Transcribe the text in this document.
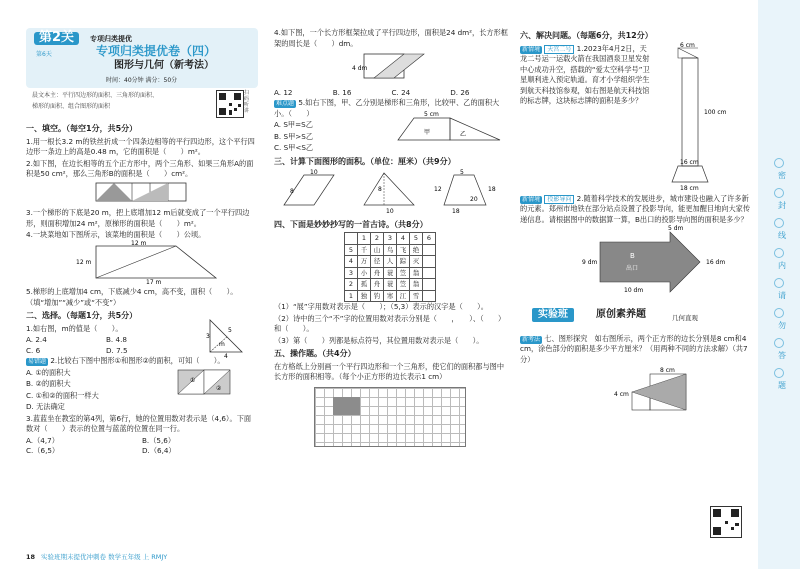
第2关
第6天
专项归类提优
专项归类提优卷（四）
图形与几何（新考法）
时间：40分钟 满分：50分
晨文本主：平行四边形的面积、三角形的面积、
梯形的面积、组合图形的面积
扫码听讲
一、填空。（每空1分，共5分）
1.用一根长3.2 m的铁丝折成一个四条边相等的平行四边形，这个平行四边形一条边上的高是0.48 m，它的面积是（　　）m²。
2.如下图，在边长相等的五个正方形中，两个三角形、如果三角形A的面积是50 cm²，那么三角形B的面积是（　　）cm²。
3.一个梯形的下底是20 m，把上底增加12 m后就变成了一个平行四边形，则面积增加24 m²，原梯形的面积是（　　）m²。
4.一块菜地如下图所示，该菜地的面积是（　　）公顷。
12 m
12 m
17 m
5.梯形的上底增加4 cm，下底减少4 cm，高不变，面积（　　）。（填“增加”“减少”或“不变”）
二、选择。（每题1分，共5分）
1.如右图，m的值是（　　）。
A. 2.4	B. 4.8
C. 6	D. 7.5
5
3
4
m
易错题 2.比较右下图中图形①和图形②的面积，可知（　　）。
A. ①的面积大
B. ②的面积大
C. ①和②的面积一样大
D. 无法确定
①
②
3.蓝蓝坐在教室的第4列，第6行，她的位置用数对表示是（4,6）。下面数对（　　）表示的位置与蓝蓝的位置在同一行。
A.（4,7）	B.（5,6）
C.（6,5）	D.（6,4）
4.如下图，一个长方形框架拉成了平行四边形，面积是24 dm²，长方形框架的周长是（　　）dm。
4 dm
A. 12	B. 16	C. 24	D. 26
难点题 5.如右下图，甲、乙分别是梯形和三角形，比较甲、乙的面积大小。（　　）
A. S甲=S乙
B. S甲>S乙
C. S甲<S乙
5 cm
甲	乙
三、计算下面图形的面积。（单位：厘米）（共9分）
10
8	8
10
5
12
18
18
20
四、下面是妙妙抄写的一首古诗。（共8分）
	1	2	3	4	5	6
5	千	山	鸟	飞	绝	
4	万	径	人	踪	灭	
3	小	舟	蓑	笠	翁	
2	孤	舟	蓑	笠	翁	
1	独	钓	寒	江	雪	
（1）“展”字用数对表示是（　　）；（5,3）表示的汉字是（　　）。
（2）诗中的三个“不”字的位置用数对表示分别是（　　，　　）、（　　）和（　　）。
（3）第（　　）列都是标点符号，其位置用数对表示是（　　）。
五、操作题。（共4分）
在方格纸上分别画一个平行四边形和一个三角形，使它们的面积都与图中长方形的面积相等。（每个小正方形的边长表示1 cm）
六、解决问题。（每题6分，共12分）
新情境 天宫二号 1.2023年4月2日，天龙二号运一运载火箭在我国酒泉卫星发射中心成功升空，搭载的“爱太空科学号”卫星顺利进入预定轨道。育才小学组织学生到航天科技馆参观，如右图是航天科技馆的标志牌，这块标志牌的面积是多少？
6 cm
100 cm
16 cm
18 cm
新情境 投影导向 2.随着科学技术的发展进步，城市建设也融入了许多新的元素。郑州市地铁在部分站点设置了投影导向，能更加醒目地向大家传递信息。请根据图中的数据算一算，B出口的投影导向图的面积是多少？
5 dm
9 dm	16 dm
10 dm
B
出口
实验班	原创素养题	几何直观
新考法 七、图形探究　如右图所示，两个正方形的边长分别是8 cm和4 cm，涂色部分的面积是多少平方厘米？（用两种不同的方法求解）（共7分）
8 cm
4 cm
密
封
线
内
请
勿
答
题
18 实验班期末提优冲刺卷 数学五年级 上 RMJY
